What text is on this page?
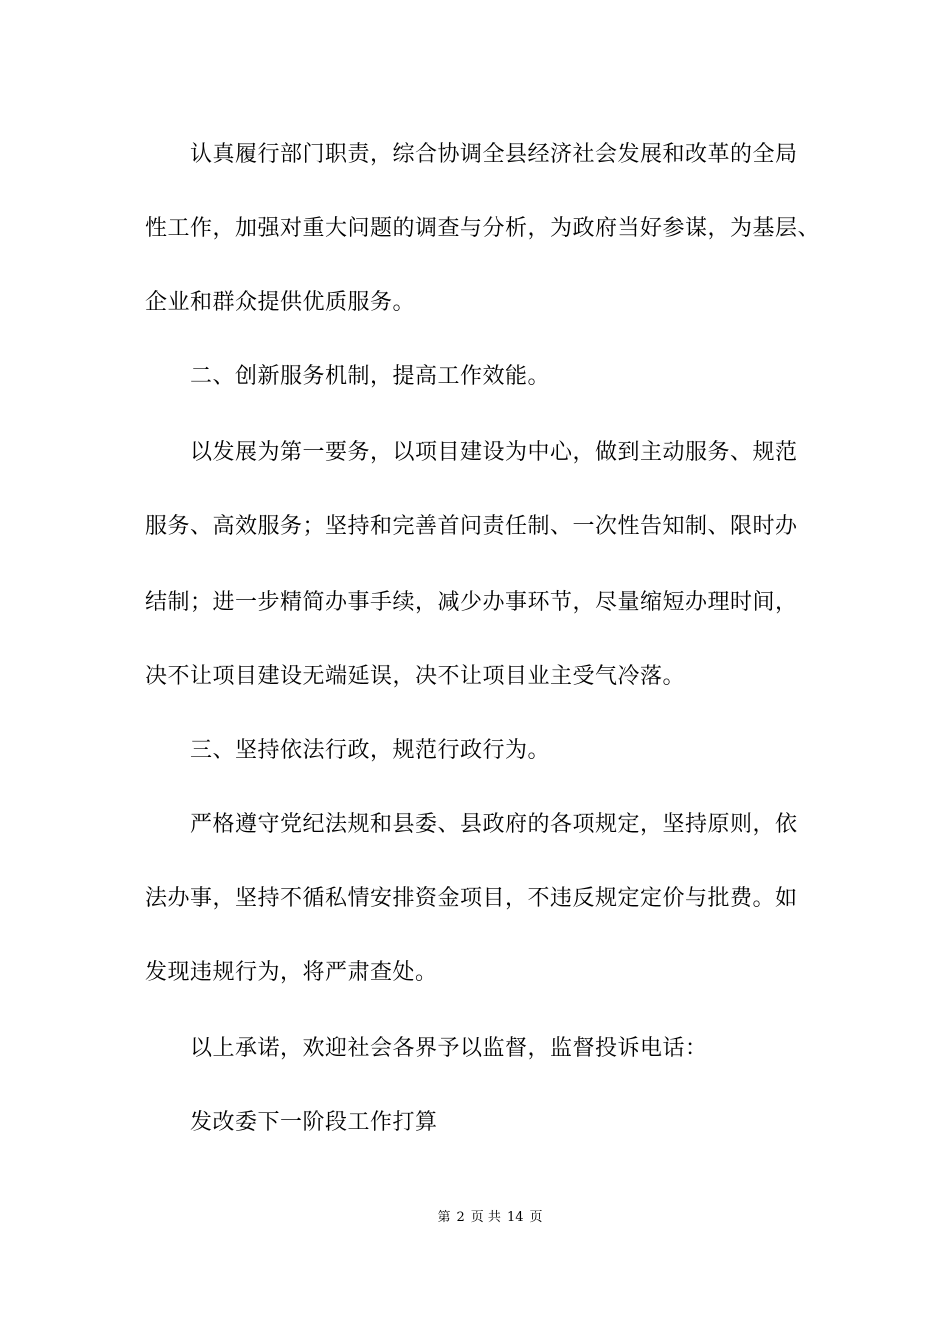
认真履行部门职责，综合协调全县经济社会发展和改革的全局
性工作，加强对重大问题的调查与分析，为政府当好参谋，为基层、
企业和群众提供优质服务。
二、创新服务机制，提高工作效能。
以发展为第一要务，以项目建设为中心，做到主动服务、规范
服务、高效服务；坚持和完善首问责任制、一次性告知制、限时办
结制；进一步精简办事手续，减少办事环节，尽量缩短办理时间，
决不让项目建设无端延误，决不让项目业主受气冷落。
三、坚持依法行政，规范行政行为。
严格遵守党纪法规和县委、县政府的各项规定，坚持原则，依
法办事，坚持不循私情安排资金项目，不违反规定定价与批费。如
发现违规行为，将严肃查处。
以上承诺，欢迎社会各界予以监督，监督投诉电话：
发改委下一阶段工作打算
第 2 页 共 14 页
